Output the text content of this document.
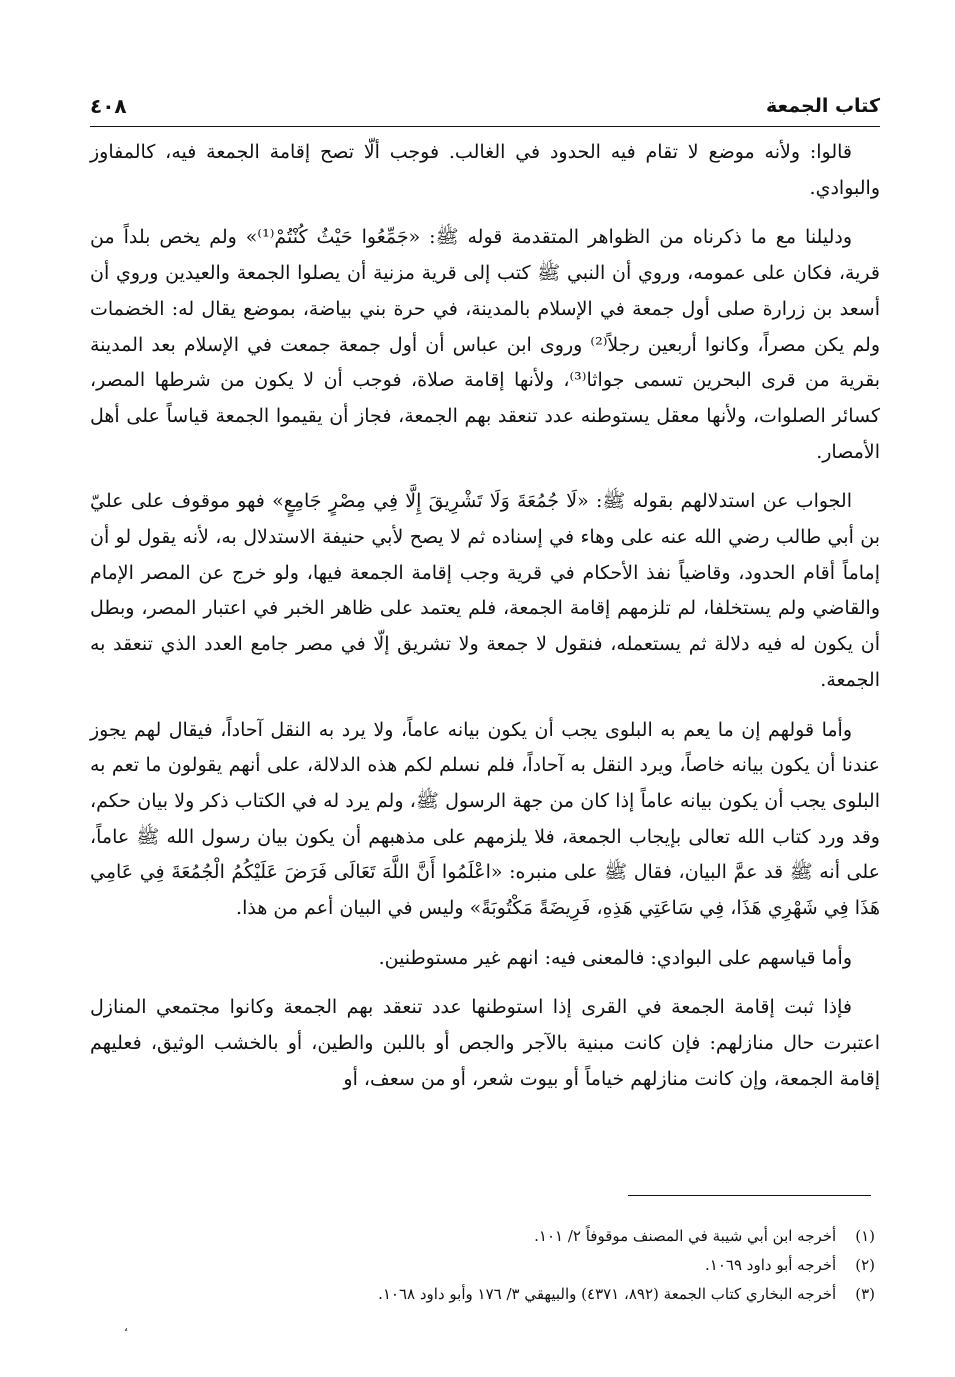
كتاب الجمعة
٤٠٨

قالوا: ولأنه موضع لا تقام فيه الحدود في الغالب. فوجب ألّا تصح إقامة الجمعة فيه، كالمفاوز والبوادي.

ودليلنا مع ما ذكرناه من الظواهر المتقدمة قوله ﷺ: «جَمِّعُوا حَيْثُ كُنْتُمْ⁽¹⁾» ولم يخص بلداً من قرية، فكان على عمومه، وروي أن النبي ﷺ كتب إلى قرية مزنية أن يصلوا الجمعة والعيدين وروي أن أسعد بن زرارة صلى أول جمعة في الإسلام بالمدينة، في حرة بني بياضة، بموضع يقال له: الخضمات ولم يكن مصراً، وكانوا أربعين رجلاً⁽²⁾ وروى ابن عباس أن أول جمعة جمعت في الإسلام بعد المدينة بقرية من قرى البحرين تسمى جواثا⁽³⁾، ولأنها إقامة صلاة، فوجب أن لا يكون من شرطها المصر، كسائر الصلوات، ولأنها معقل يستوطنه عدد تنعقد بهم الجمعة، فجاز أن يقيموا الجمعة قياساً على أهل الأمصار.

الجواب عن استدلالهم بقوله ﷺ: «لَا جُمُعَةَ وَلَا تَشْرِيقَ إِلَّا فِي مِصْرٍ جَامِعٍ» فهو موقوف على عليّ بن أبي طالب رضي الله عنه على وهاء في إسناده ثم لا يصح لأبي حنيفة الاستدلال به، لأنه يقول لو أن إماماً أقام الحدود، وقاضياً نفذ الأحكام في قرية وجب إقامة الجمعة فيها، ولو خرج عن المصر الإمام والقاضي ولم يستخلفا، لم تلزمهم إقامة الجمعة، فلم يعتمد على ظاهر الخبر في اعتبار المصر، وبطل أن يكون له فيه دلالة ثم يستعمله، فنقول لا جمعة ولا تشريق إلّا في مصر جامع العدد الذي تنعقد به الجمعة.

وأما قولهم إن ما يعم به البلوى يجب أن يكون بيانه عاماً، ولا يرد به النقل آحاداً، فيقال لهم يجوز عندنا أن يكون بيانه خاصاً، ويرد النقل به آحاداً، فلم نسلم لكم هذه الدلالة، على أنهم يقولون ما تعم به البلوى يجب أن يكون بيانه عاماً إذا كان من جهة الرسول ﷺ، ولم يرد له في الكتاب ذكر ولا بيان حكم، وقد ورد كتاب الله تعالى بإيجاب الجمعة، فلا يلزمهم على مذهبهم أن يكون بيان رسول الله ﷺ عاماً، على أنه ﷺ قد عمَّ البيان، فقال ﷺ على منبره: «اعْلَمُوا أَنَّ اللَّهَ تَعَالَى فَرَضَ عَلَيْكُمُ الْجُمُعَةَ فِي عَامِي هَذَا فِي شَهْرِي هَذَا، فِي سَاعَتِي هَذِهِ، فَرِيضَةً مَكْتُوبَةً» وليس في البيان أعم من هذا.

وأما قياسهم على البوادي: فالمعنى فيه: انهم غير مستوطنين.

فإذا ثبت إقامة الجمعة في القرى إذا استوطنها عدد تنعقد بهم الجمعة وكانوا مجتمعي المنازل اعتبرت حال منازلهم: فإن كانت مبنية بالآجر والجص أو باللبن والطين، أو بالخشب الوثيق، فعليهم إقامة الجمعة، وإن كانت منازلهم خياماً أو بيوت شعر، أو من سعف، أو

(١) أخرجه ابن أبي شيبة في المصنف موقوفاً ٢/ ١٠١.
(٢) أخرجه أبو داود ١٠٦٩.
(٣) أخرجه البخاري كتاب الجمعة (٨٩٢، ٤٣٧١) والبيهقي ٣/ ١٧٦ وأبو داود ١٠٦٨.
،
